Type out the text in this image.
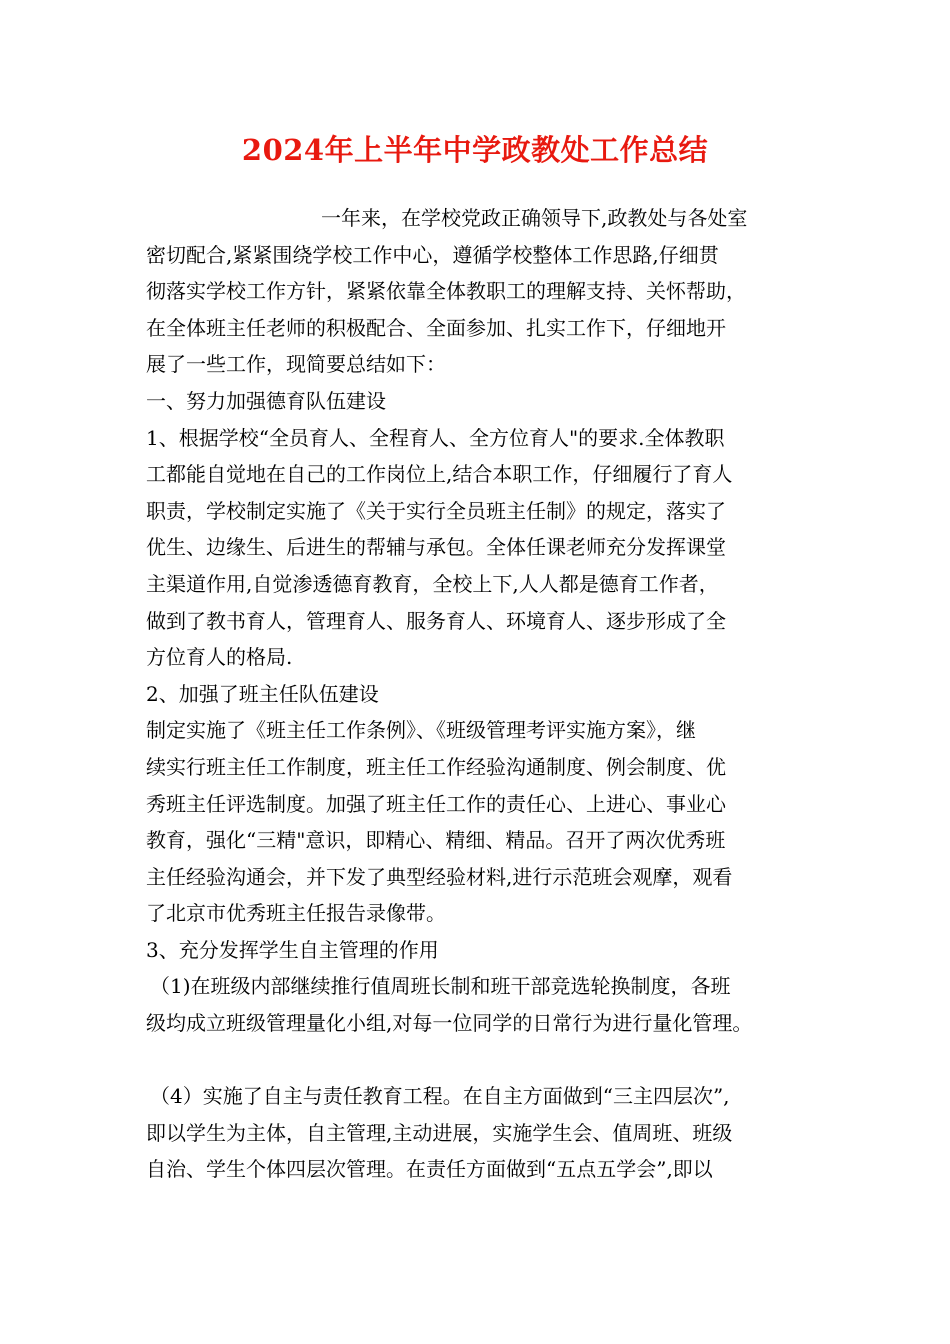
2024年上半年中学政教处工作总结
一年来，在学校党政正确领导下,政教处与各处室
密切配合,紧紧围绕学校工作中心，遵循学校整体工作思路,仔细贯
彻落实学校工作方针，紧紧依靠全体教职工的理解支持、关怀帮助，
在全体班主任老师的积极配合、全面参加、扎实工作下，仔细地开
展了一些工作，现简要总结如下：
一、努力加强德育队伍建设
1、根据学校“全员育人、全程育人、全方位育人"的要求.全体教职
工都能自觉地在自己的工作岗位上,结合本职工作，仔细履行了育人
职责，学校制定实施了《关于实行全员班主任制》的规定，落实了
优生、边缘生、后进生的帮辅与承包。全体任课老师充分发挥课堂
主渠道作用,自觉渗透德育教育，全校上下,人人都是德育工作者，
做到了教书育人，管理育人、服务育人、环境育人、逐步形成了全
方位育人的格局.
2、加强了班主任队伍建设
制定实施了《班主任工作条例》、《班级管理考评实施方案》，继
续实行班主任工作制度，班主任工作经验沟通制度、例会制度、优
秀班主任评选制度。加强了班主任工作的责任心、上进心、事业心
教育，强化“三精"意识，即精心、精细、精品。召开了两次优秀班
主任经验沟通会，并下发了典型经验材料,进行示范班会观摩，观看
了北京市优秀班主任报告录像带。
3、充分发挥学生自主管理的作用
（1)在班级内部继续推行值周班长制和班干部竞选轮换制度，各班
级均成立班级管理量化小组,对每一位同学的日常行为进行量化管理。
（4）实施了自主与责任教育工程。在自主方面做到“三主四层次”,
即以学生为主体，自主管理,主动进展，实施学生会、值周班、班级
自治、学生个体四层次管理。在责任方面做到“五点五学会”,即以
